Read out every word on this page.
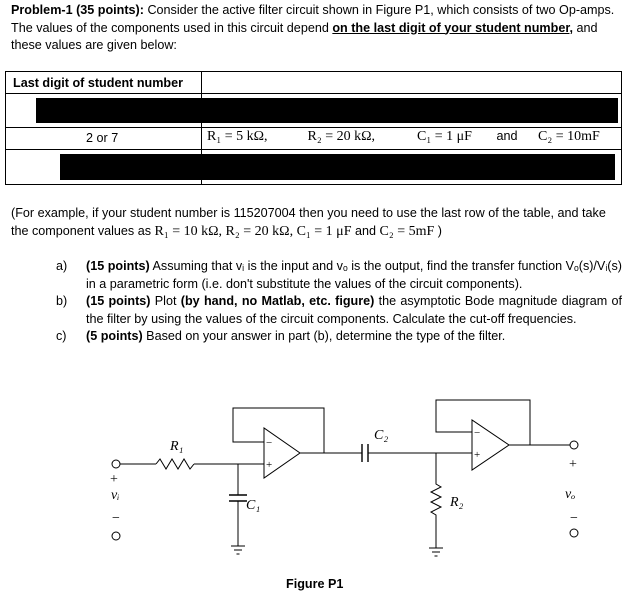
Problem-1 (35 points): Consider the active filter circuit shown in Figure P1, which consists of two Op-amps. The values of the components used in this circuit depend on the last digit of your student number, and these values are given below:
Last digit of student number
2 or 7	R₁ = 5 kΩ,	R₂ = 20 kΩ,	C₁ = 1 μF and C₂ = 10mF
(For example, if your student number is 115207004 then you need to use the last row of the table, and take the component values as R₁ = 10 kΩ, R₂ = 20 kΩ, C₁ = 1 μF and C₂ = 5mF )
a) (15 points) Assuming that vᵢ is the input and vₒ is the output, find the transfer function Vₒ(s)/Vᵢ(s) in a parametric form (i.e. don't substitute the values of the circuit components).
b) (15 points) Plot (by hand, no Matlab, etc. figure) the asymptotic Bode magnitude diagram of the filter by using the values of the circuit components. Calculate the cut-off frequencies.
c) (5 points) Based on your answer in part (b), determine the type of the filter.
R₁
C₁
C₂
R₂
vᵢ	vₒ
+
−
+
−
−
+
−
+
Figure P1
